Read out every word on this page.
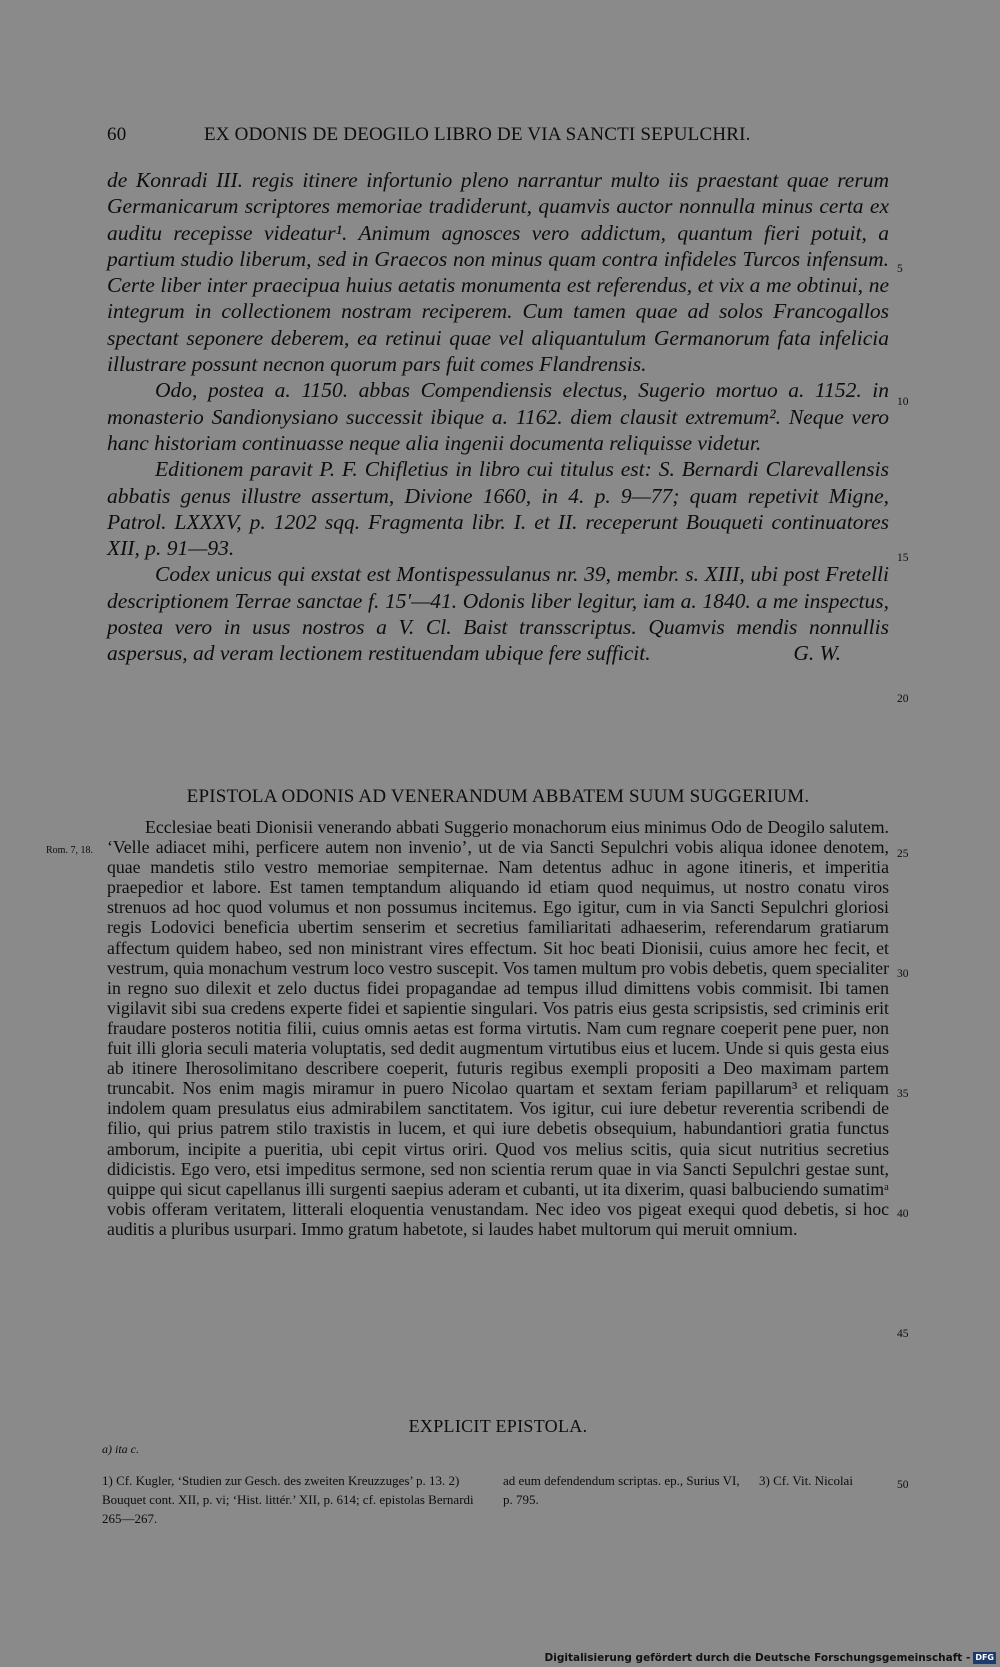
60	EX ODONIS DE DEOGILO LIBRO DE VIA SANCTI SEPULCHRI.

de Konradi III. regis itinere infortunio pleno narrantur multo iis praestant quae rerum Germanicarum scriptores memoriae tradiderunt, quamvis auctor nonnulla minus certa ex auditu recepisse videatur¹. Animum agnosces vero addictum, quantum fieri potuit, a partium studio liberum, sed in Graecos non minus quam contra infideles Turcos infensum. Certe liber inter praecipua huius aetatis monumenta est referendus, et vix a me obtinui, ne integrum in collectionem nostram reciperem. Cum tamen quae ad solos Francogallos spectant seponere deberem, ea retinui quae vel aliquantulum Germanorum fata infelicia illustrare possunt necnon quorum pars fuit comes Flandrensis.

Odo, postea a. 1150. abbas Compendiensis electus, Sugerio mortuo a. 1152. in monasterio Sandionysiano successit ibique a. 1162. diem clausit extremum². Neque vero hanc historiam continuasse neque alia ingenii documenta reliquisse videtur.

Editionem paravit P. F. Chifletius in libro cui titulus est: S. Bernardi Clarevallensis abbatis genus illustre assertum, Divione 1660, in 4. p. 9—77; quam repetivit Migne, Patrol. LXXXV, p. 1202 sqq. Fragmenta libr. I. et II. receperunt Bouqueti continuatores XII, p. 91—93.

Codex unicus qui exstat est Montispessulanus nr. 39, membr. s. XIII, ubi post Fretelli descriptionem Terrae sanctae f. 15'—41. Odonis liber legitur, iam a. 1840. a me inspectus, postea vero in usus nostros a V. Cl. Baist transscriptus. Quamvis mendis nonnullis aspersus, ad veram lectionem restituendam ubique fere sufficit.	G. W.

5
10
15
20
EPISTOLA ODONIS AD VENERANDUM ABBATEM SUUM SUGGERIUM.
Rom. 7, 18.

Ecclesiae beati Dionisii venerando abbati Suggerio monachorum eius minimus Odo de Deogilo salutem. ‘Velle adiacet mihi, perficere autem non invenio’, ut de via Sancti Sepulchri vobis aliqua idonee denotem, quae mandetis stilo vestro memoriae sempiternae. Nam detentus adhuc in agone itineris, et imperitia praepedior et labore. Est tamen temptandum aliquando id etiam quod nequimus, ut nostro conatu viros strenuos ad hoc quod volumus et non possumus incitemus. Ego igitur, cum in via Sancti Sepulchri gloriosi regis Lodovici beneficia ubertim senserim et secretius familiaritati adhaeserim, referendarum gratiarum affectum quidem habeo, sed non ministrant vires effectum. Sit hoc beati Dionisii, cuius amore hec fecit, et vestrum, quia monachum vestrum loco vestro suscepit. Vos tamen multum pro vobis debetis, quem specialiter in regno suo dilexit et zelo ductus fidei propagandae ad tempus illud dimittens vobis commisit. Ibi tamen vigilavit sibi sua credens experte fidei et sapientie singulari. Vos patris eius gesta scripsistis, sed criminis erit fraudare posteros notitia filii, cuius omnis aetas est forma virtutis. Nam cum regnare coeperit pene puer, non fuit illi gloria seculi materia voluptatis, sed dedit augmentum virtutibus eius et lucem. Unde si quis gesta eius ab itinere Iherosolimitano describere coeperit, futuris regibus exempli propositi a Deo maximam partem truncabit. Nos enim magis miramur in puero Nicolao quartam et sextam feriam papillarum³ et reliquam indolem quam presulatus eius admirabilem sanctitatem. Vos igitur, cui iure debetur reverentia scribendi de filio, qui prius patrem stilo traxistis in lucem, et qui iure debetis obsequium, habundantiori gratia functus amborum, incipite a pueritia, ubi cepit virtus oriri. Quod vos melius scitis, quia sicut nutritius secretius didicistis. Ego vero, etsi impeditus sermone, sed non scientia rerum quae in via Sancti Sepulchri gestae sunt, quippe qui sicut capellanus illi surgenti saepius aderam et cubanti, ut ita dixerim, quasi balbuciendo sumatimᵃ vobis offeram veritatem, litterali eloquentia venustandam. Nec ideo vos pigeat exequi quod debetis, si hoc auditis a pluribus usurpari. Immo gratum habetote, si laudes habet multorum qui meruit omnium.

25
30
35
40
45
EXPLICIT EPISTOLA.
a) ita c.
1) Cf. Kugler, ‘Studien zur Gesch. des zweiten Kreuzzuges’ p. 13. 2) Bouquet cont. XII, p. vi; ‘Hist. littér.’ XII, p. 614; cf. epistolas Bernardi 265—267.
ad eum defendendum scriptas. ep., Surius VI, p. 795.
3) Cf. Vit. Nicolai	50
Digitalisierung gefördert durch die Deutsche Forschungsgemeinschaft - DFG
